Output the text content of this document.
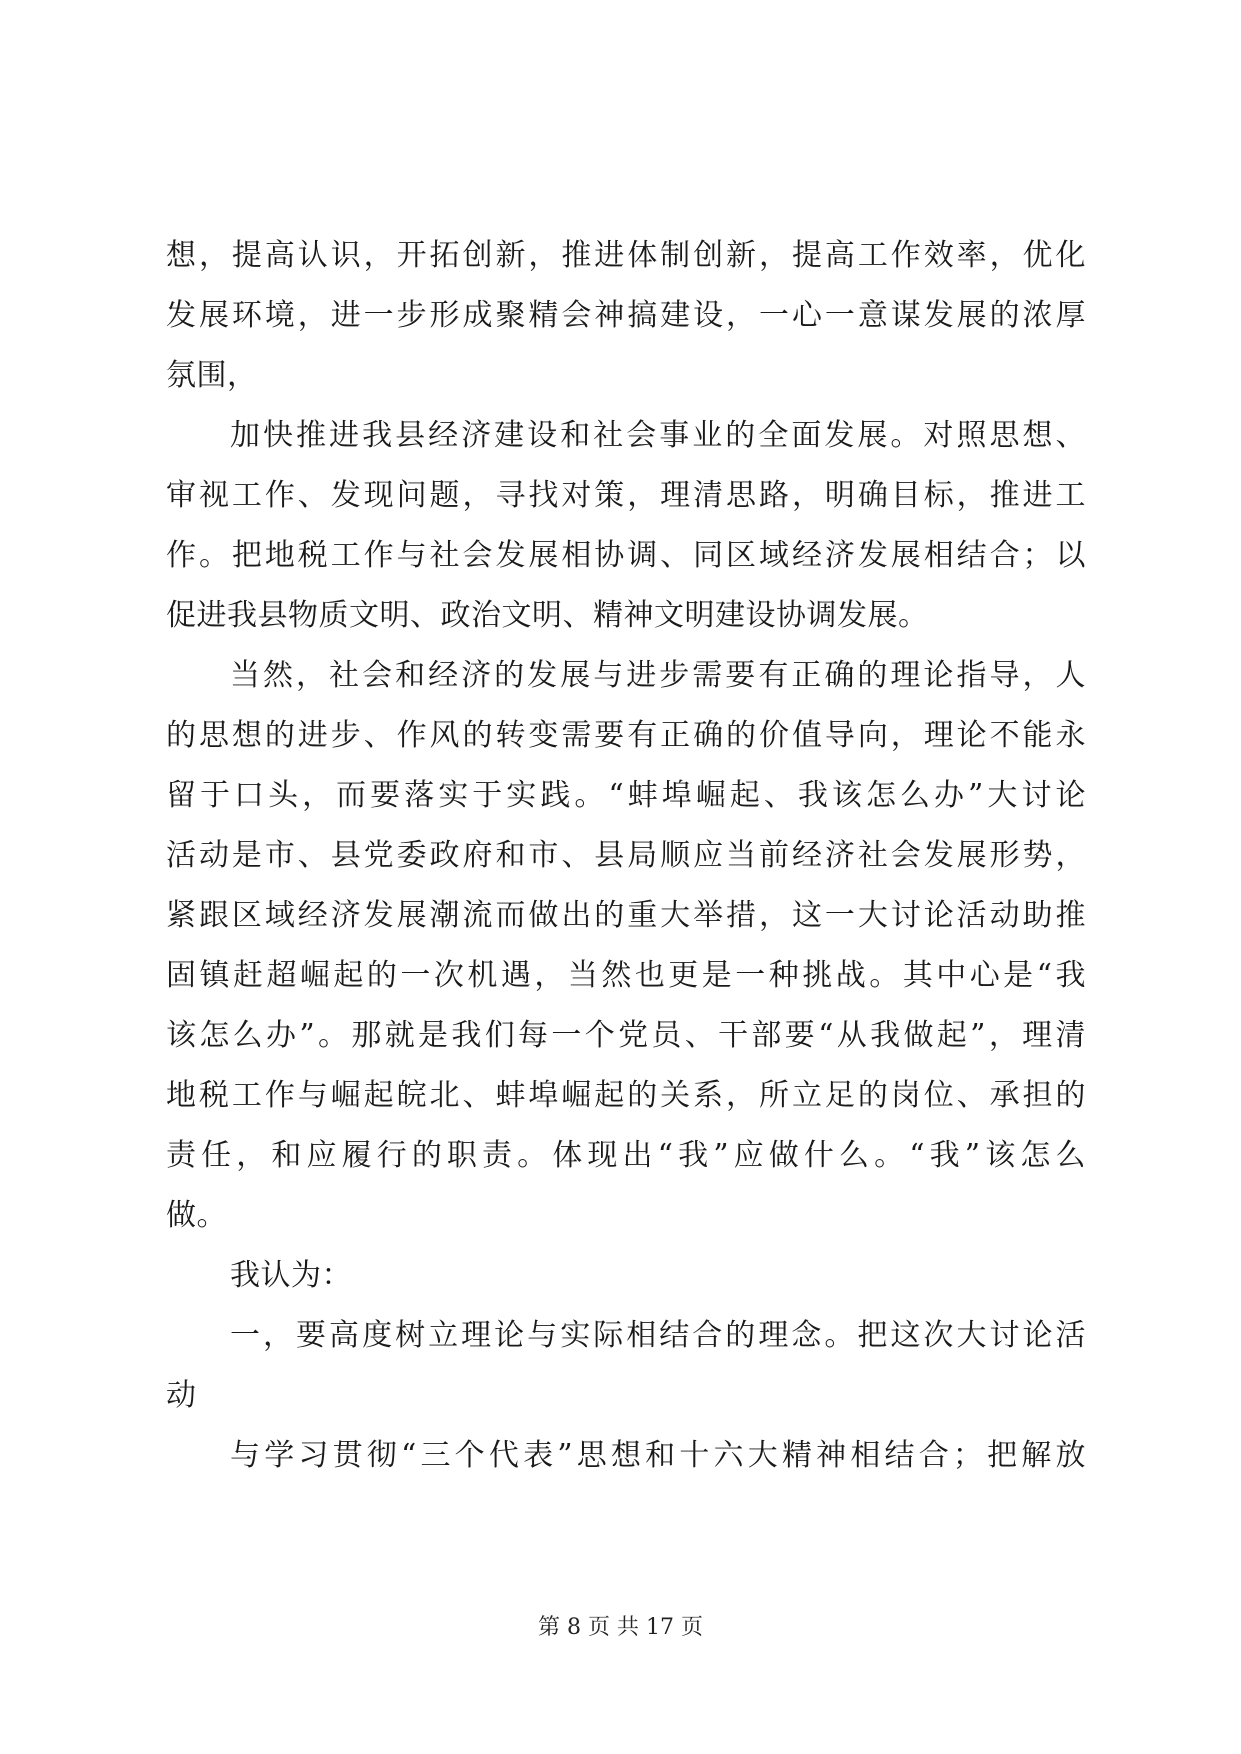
想，提高认识，开拓创新，推进体制创新，提高工作效率，优化
发展环境，进一步形成聚精会神搞建设，一心一意谋发展的浓厚
氛围，
加快推进我县经济建设和社会事业的全面发展。对照思想、
审视工作、发现问题，寻找对策，理清思路，明确目标，推进工
作。把地税工作与社会发展相协调、同区域经济发展相结合；以
促进我县物质文明、政治文明、精神文明建设协调发展。
当然，社会和经济的发展与进步需要有正确的理论指导，人
的思想的进步、作风的转变需要有正确的价值导向，理论不能永
留于口头，而要落实于实践。“蚌埠崛起、我该怎么办”大讨论
活动是市、县党委政府和市、县局顺应当前经济社会发展形势，
紧跟区域经济发展潮流而做出的重大举措，这一大讨论活动助推
固镇赶超崛起的一次机遇，当然也更是一种挑战。其中心是“我
该怎么办”。那就是我们每一个党员、干部要“从我做起”，理清
地税工作与崛起皖北、蚌埠崛起的关系，所立足的岗位、承担的
责任，和应履行的职责。体现出“我”应做什么。“我”该怎么
做。
我认为：
一，要高度树立理论与实际相结合的理念。把这次大讨论活
动
与学习贯彻“三个代表”思想和十六大精神相结合；把解放
第 8 页 共 17 页
